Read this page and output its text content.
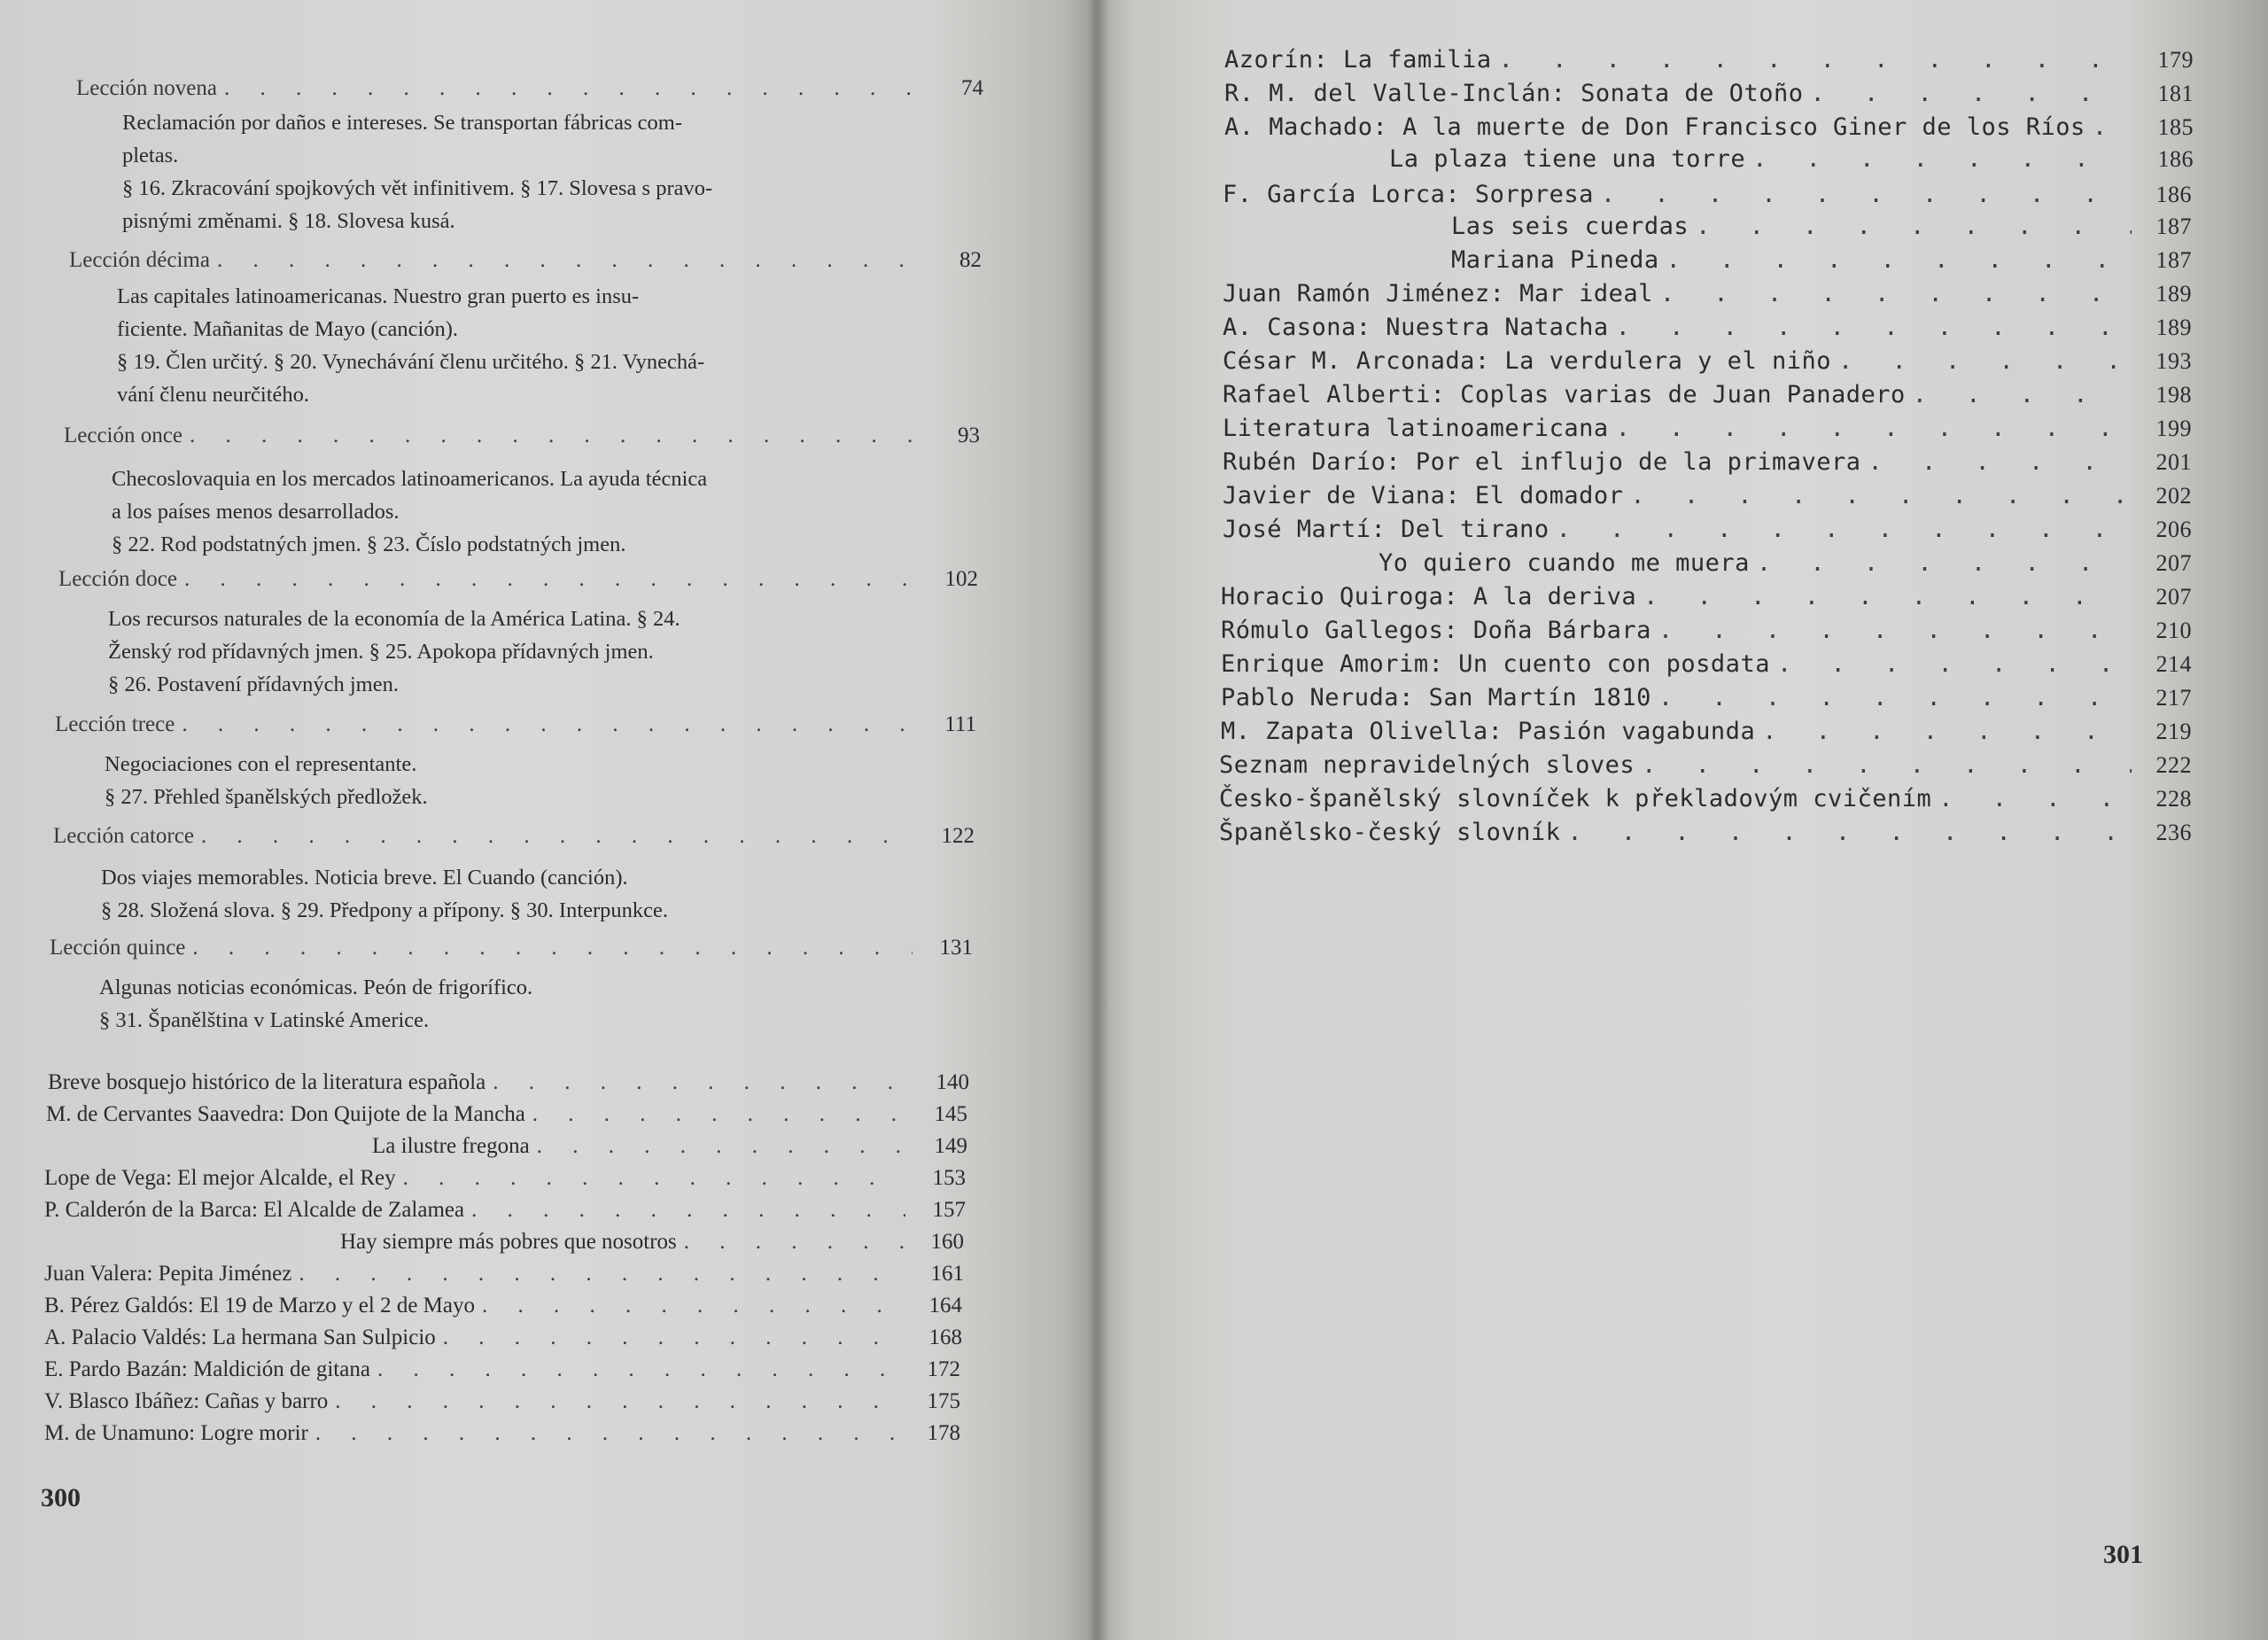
Lección novena . . .	74
Reclamación por daños e intereses. Se transportan fábricas com-
pletas.
§ 16. Zkracování spojkových vět infinitivem. § 17. Slovesa s pravo-
pisnými změnami. § 18. Slovesa kusá.
Lección décima . . .	82
Las capitales latinoamericanas. Nuestro gran puerto es insu-
ficiente. Mañanitas de Mayo (canción).
§ 19. Člen určitý. § 20. Vynechávání členu určitého. § 21. Vynechá-
vání členu neurčitého.
Lección once . . .	93
Checoslovaquia en los mercados latinoamericanos. La ayuda técnica
a los países menos desarrollados.
§ 22. Rod podstatných jmen. § 23. Číslo podstatných jmen.
Lección doce . . .	102
Los recursos naturales de la economía de la América Latina. § 24.
Ženský rod přídavných jmen. § 25. Apokopa přídavných jmen.
§ 26. Postavení přídavných jmen.
Lección trece . . .	111
Negociaciones con el representante.
§ 27. Přehled španělských předložek.
Lección catorce . . .	122
Dos viajes memorables. Noticia breve. El Cuando (canción).
§ 28. Složená slova. § 29. Předpony a přípony. § 30. Interpunkce.
Lección quince . . .	131
Algunas noticias económicas. Peón de frigorífico.
§ 31. Španělština v Latinské Americe.
Breve bosquejo histórico de la literatura española . . .	140
M. de Cervantes Saavedra: Don Quijote de la Mancha . . .	145
La ilustre fregona . . .	149
Lope de Vega: El mejor Alcalde, el Rey . . .	153
P. Calderón de la Barca: El Alcalde de Zalamea . . .	157
Hay siempre más pobres que nosotros . . .	160
Juan Valera: Pepita Jiménez . . .	161
B. Pérez Galdós: El 19 de Marzo y el 2 de Mayo . . .	164
A. Palacio Valdés: La hermana San Sulpicio . . .	168
E. Pardo Bazán: Maldición de gitana . . .	172
V. Blasco Ibáñez: Cañas y barro . . .	175
M. de Unamuno: Logre morir . . .	178
300
Azorín: La familia . . .	179
R. M. del Valle-Inclán: Sonata de Otoño . . .	181
A. Machado: A la muerte de Don Francisco Giner de los Ríos . . .	185
La plaza tiene una torre . . .	186
F. García Lorca: Sorpresa . . .	186
Las seis cuerdas . . .	187
Mariana Pineda . . .	187
Juan Ramón Jiménez: Mar ideal . . .	189
A. Casona: Nuestra Natacha . . .	189
César M. Arconada: La verdulera y el niño . . .	193
Rafael Alberti: Coplas varias de Juan Panadero . . .	198
Literatura latinoamericana . . .	199
Rubén Darío: Por el influjo de la primavera . . .	201
Javier de Viana: El domador . . .	202
José Martí: Del tirano . . .	206
Yo quiero cuando me muera . . .	207
Horacio Quiroga: A la deriva . . .	207
Rómulo Gallegos: Doña Bárbara . . .	210
Enrique Amorim: Un cuento con posdata . . .	214
Pablo Neruda: San Martín 1810 . . .	217
M. Zapata Olivella: Pasión vagabunda . . .	219
Seznam nepravidelných sloves . . .	222
Česko-španělský slovníček k překladovým cvičením . . .	228
Španělsko-český slovník . . .	236
301
